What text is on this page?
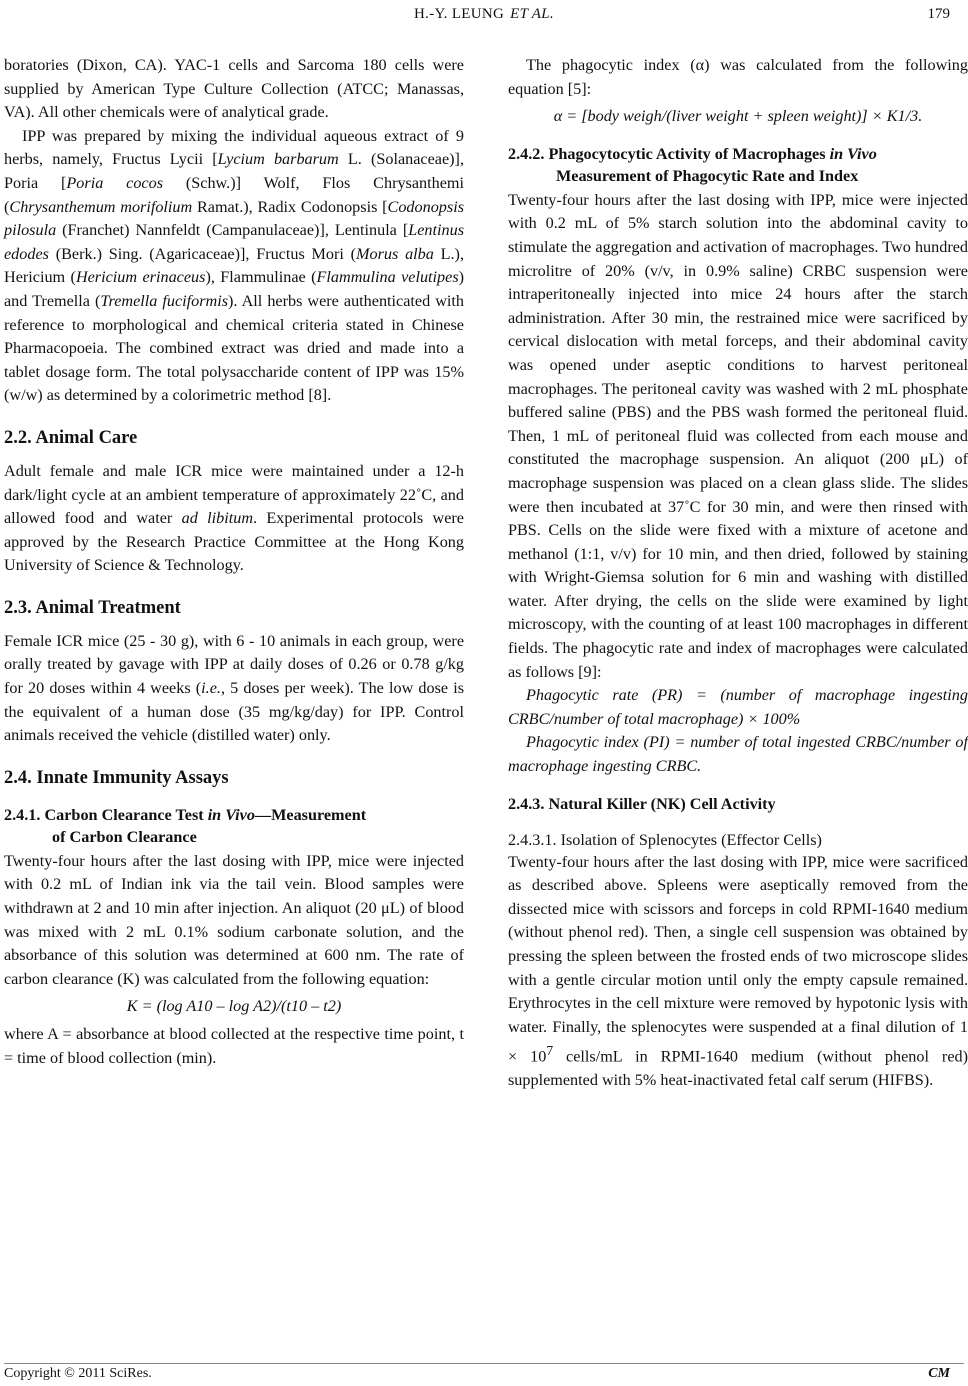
H.-Y. LEUNG ET AL.	179

boratories (Dixon, CA). YAC-1 cells and Sarcoma 180 cells were supplied by American Type Culture Collection (ATCC; Manassas, VA). All other chemicals were of analytical grade.

IPP was prepared by mixing the individual aqueous extract of 9 herbs, namely, Fructus Lycii [Lycium barbarum L. (Solanaceae)], Poria [Poria cocos (Schw.)] Wolf, Flos Chrysanthemi (Chrysanthemum morifolium Ramat.), Radix Codonopsis [Codonopsis pilosula (Franchet) Nannfeldt (Campanulaceae)], Lentinula [Lentinus edodes (Berk.) Sing. (Agaricaceae)], Fructus Mori (Morus alba L.), Hericium (Hericium erinaceus), Flammulinae (Flammulina velutipes) and Tremella (Tremella fuciformis). All herbs were authenticated with reference to morphological and chemical criteria stated in Chinese Pharmacopoeia. The combined extract was dried and made into a tablet dosage form. The total polysaccharide content of IPP was 15% (w/w) as determined by a colorimetric method [8].

2.2. Animal Care

Adult female and male ICR mice were maintained under a 12-h dark/light cycle at an ambient temperature of approximately 22˚C, and allowed food and water ad libitum. Experimental protocols were approved by the Research Practice Committee at the Hong Kong University of Science & Technology.

2.3. Animal Treatment

Female ICR mice (25 - 30 g), with 6 - 10 animals in each group, were orally treated by gavage with IPP at daily doses of 0.26 or 0.78 g/kg for 20 doses within 4 weeks (i.e., 5 doses per week). The low dose is the equivalent of a human dose (35 mg/kg/day) for IPP. Control animals received the vehicle (distilled water) only.

2.4. Innate Immunity Assays
2.4.1. Carbon Clearance Test in Vivo—Measurement
of Carbon Clearance

Twenty-four hours after the last dosing with IPP, mice were injected with 0.2 mL of Indian ink via the tail vein. Blood samples were withdrawn at 2 and 10 min after injection. An aliquot (20 μL) of blood was mixed with 2 mL 0.1% sodium carbonate solution, and the absorbance of this solution was determined at 600 nm. The rate of carbon clearance (K) was calculated from the following equation:

K = (log A10 – log A2)/(t10 – t2)

where A = absorbance at blood collected at the respective time point, t = time of blood collection (min).

The phagocytic index (α) was calculated from the following equation [5]:

α = [body weigh/(liver weight + spleen weight)] × K1/3.
2.4.2. Phagocytocytic Activity of Macrophages in Vivo
Measurement of Phagocytic Rate and Index

Twenty-four hours after the last dosing with IPP, mice were injected with 0.2 mL of 5% starch solution into the abdominal cavity to stimulate the aggregation and activation of macrophages. Two hundred microlitre of 20% (v/v, in 0.9% saline) CRBC suspension were intraperitoneally injected into mice 24 hours after the starch administration. After 30 min, the restrained mice were sacrificed by cervical dislocation with metal forceps, and their abdominal cavity was opened under aseptic conditions to harvest peritoneal macrophages. The peritoneal cavity was washed with 2 mL phosphate buffered saline (PBS) and the PBS wash formed the peritoneal fluid. Then, 1 mL of peritoneal fluid was collected from each mouse and constituted the macrophage suspension. An aliquot (200 μL) of macrophage suspension was placed on a clean glass slide. The slides were then incubated at 37˚C for 30 min, and were then rinsed with PBS. Cells on the slide were fixed with a mixture of acetone and methanol (1:1, v/v) for 10 min, and then dried, followed by staining with Wright-Giemsa solution for 6 min and washing with distilled water. After drying, the cells on the slide were examined by light microscopy, with the counting of at least 100 macrophages in different fields. The phagocytic rate and index of macrophages were calculated as follows [9]:

Phagocytic rate (PR) = (number of macrophage ingesting CRBC/number of total macrophage) × 100%

Phagocytic index (PI) = number of total ingested CRBC/number of macrophage ingesting CRBC.

2.4.3. Natural Killer (NK) Cell Activity
2.4.3.1. Isolation of Splenocytes (Effector Cells)

Twenty-four hours after the last dosing with IPP, mice were sacrificed as described above. Spleens were aseptically removed from the dissected mice with scissors and forceps in cold RPMI-1640 medium (without phenol red). Then, a single cell suspension was obtained by pressing the spleen between the frosted ends of two microscope slides with a gentle circular motion until only the empty capsule remained. Erythrocytes in the cell mixture were removed by hypotonic lysis with water. Finally, the splenocytes were suspended at a final dilution of $1 \times 10^7$ cells/mL in RPMI-1640 medium (without phenol red) supplemented with 5% heat-inactivated fetal calf serum (HIFBS).

Copyright © 2011 SciRes.	CM
